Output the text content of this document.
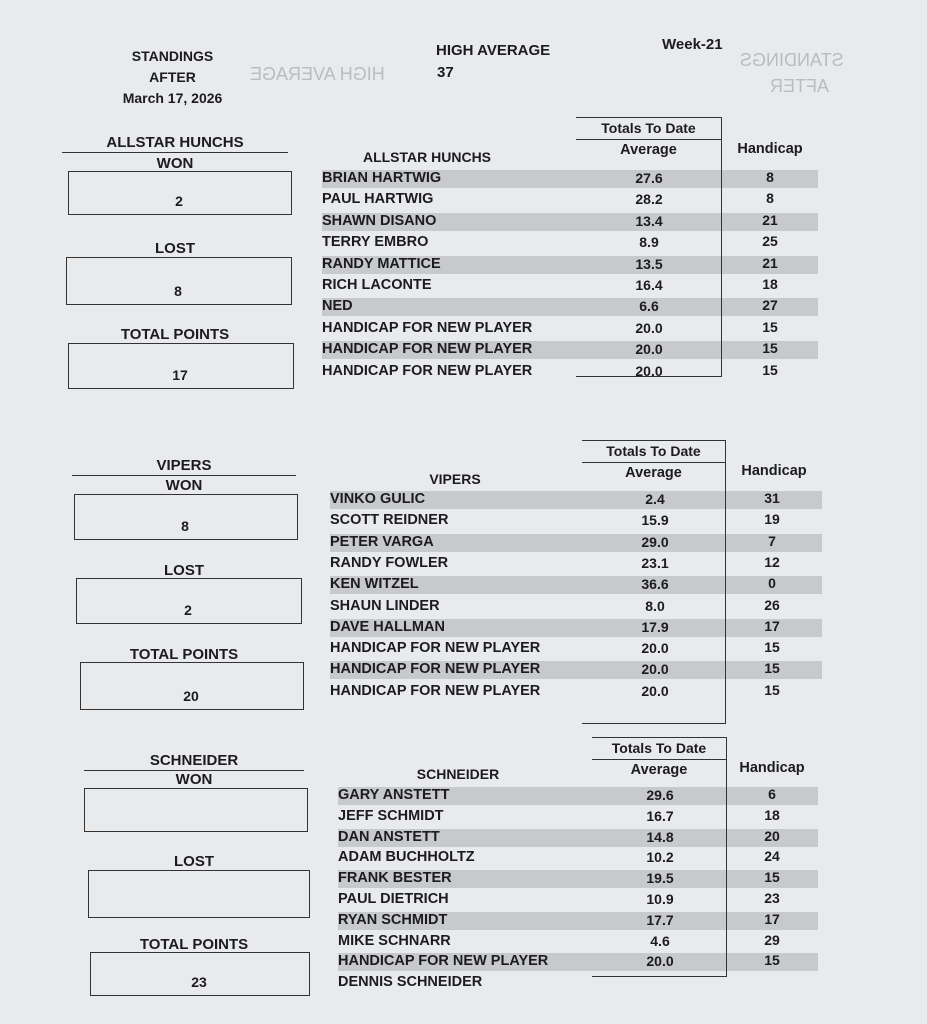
STANDINGS
AFTER
March 17, 2026
HIGH AVERAGE
37
Week-21
STANDINGS
AFTER
HIGH AVERAGE
ALLSTAR HUNCHS
WON
2
LOST
8
TOTAL POINTS
17
Totals To Date
Average	Handicap
ALLSTAR HUNCHS
BRIAN HARTWIG	27.6	8
PAUL HARTWIG	28.2	8
SHAWN DISANO	13.4	21
TERRY EMBRO	8.9	25
RANDY MATTICE	13.5	21
RICH LACONTE	16.4	18
NED	6.6	27
HANDICAP FOR NEW PLAYER	20.0	15
HANDICAP FOR NEW PLAYER	20.0	15
HANDICAP FOR NEW PLAYER	20.0	15
VIPERS
WON
8
LOST
2
TOTAL POINTS
20
Totals To Date
Average	Handicap
VIPERS
VINKO GULIC	2.4	31
SCOTT REIDNER	15.9	19
PETER VARGA	29.0	7
RANDY FOWLER	23.1	12
KEN WITZEL	36.6	0
SHAUN LINDER	8.0	26
DAVE HALLMAN	17.9	17
HANDICAP FOR NEW PLAYER	20.0	15
HANDICAP FOR NEW PLAYER	20.0	15
HANDICAP FOR NEW PLAYER	20.0	15
SCHNEIDER
WON
LOST
TOTAL POINTS
23
Totals To Date
Average	Handicap
SCHNEIDER
GARY ANSTETT	29.6	6
JEFF SCHMIDT	16.7	18
DAN ANSTETT	14.8	20
ADAM BUCHHOLTZ	10.2	24
FRANK BESTER	19.5	15
PAUL DIETRICH	10.9	23
RYAN SCHMIDT	17.7	17
MIKE SCHNARR	4.6	29
HANDICAP FOR NEW PLAYER	20.0	15
DENNIS SCHNEIDER
